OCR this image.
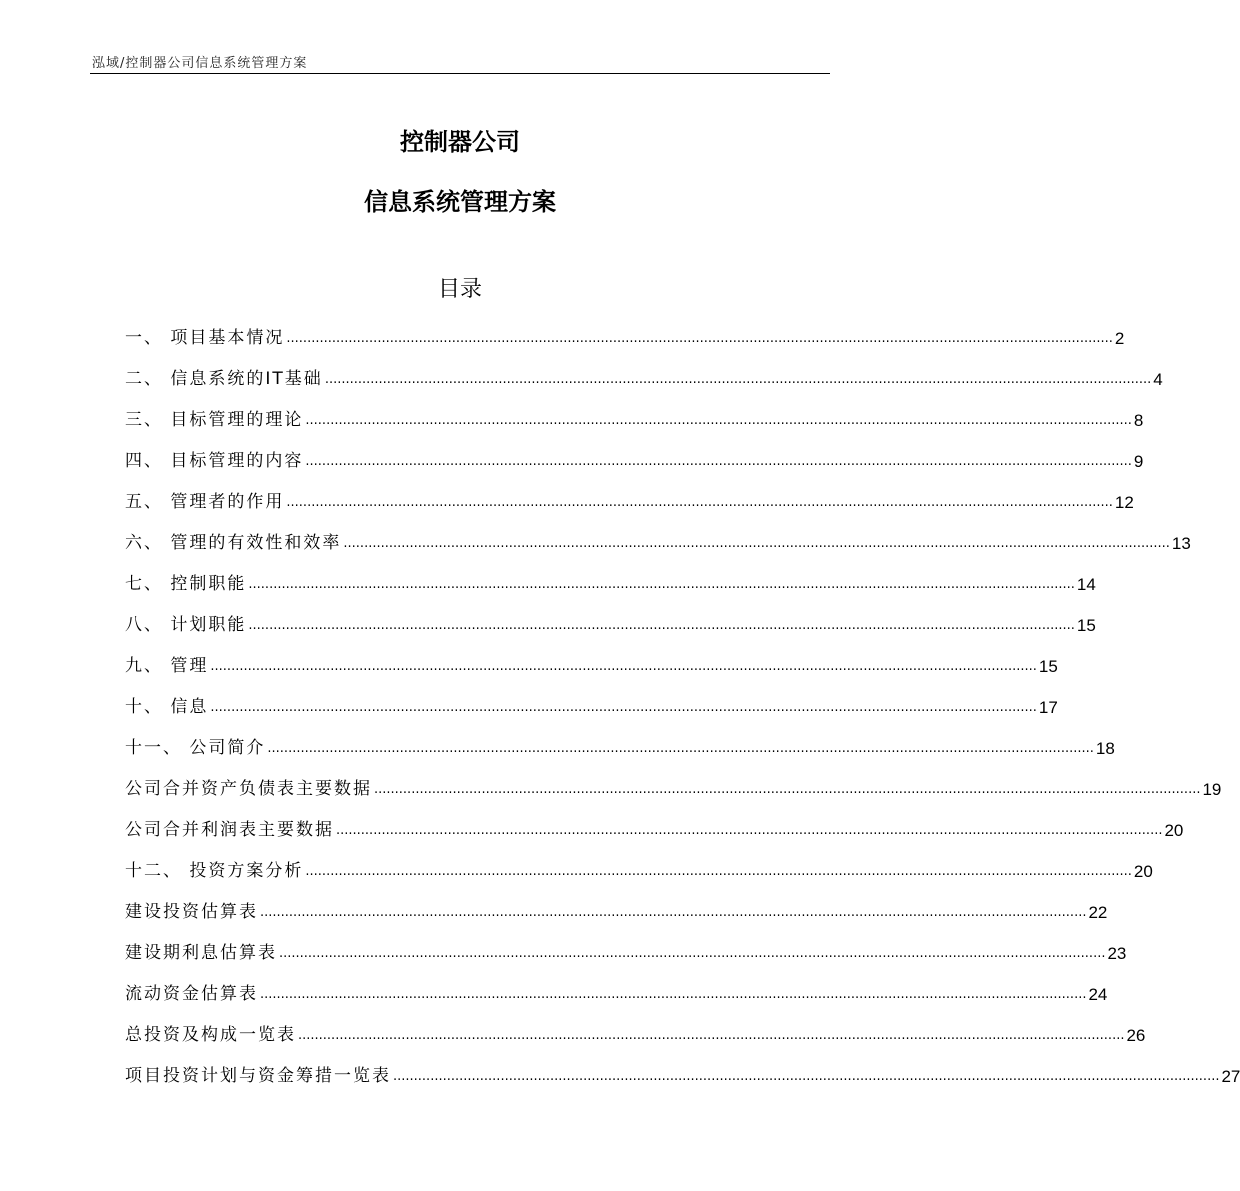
泓域/控制器公司信息系统管理方案
控制器公司
信息系统管理方案
目录
一、 项目基本情况 ........................................................................................................................................................................................................ 2
二、 信息系统的IT基础 ........................................................................................................................................................................................................ 4
三、 目标管理的理论 ........................................................................................................................................................................................................ 8
四、 目标管理的内容 ........................................................................................................................................................................................................ 9
五、 管理者的作用 ........................................................................................................................................................................................................ 12
六、 管理的有效性和效率 ........................................................................................................................................................................................................ 13
七、 控制职能 ........................................................................................................................................................................................................ 14
八、 计划职能 ........................................................................................................................................................................................................ 15
九、 管理 ........................................................................................................................................................................................................ 15
十、 信息 ........................................................................................................................................................................................................ 17
十一、 公司简介 ........................................................................................................................................................................................................ 18
公司合并资产负债表主要数据 ........................................................................................................................................................................................................ 19
公司合并利润表主要数据 ........................................................................................................................................................................................................ 20
十二、 投资方案分析 ........................................................................................................................................................................................................ 20
建设投资估算表 ........................................................................................................................................................................................................ 22
建设期利息估算表 ........................................................................................................................................................................................................ 23
流动资金估算表 ........................................................................................................................................................................................................ 24
总投资及构成一览表 ........................................................................................................................................................................................................ 26
项目投资计划与资金筹措一览表 ........................................................................................................................................................................................................ 27
